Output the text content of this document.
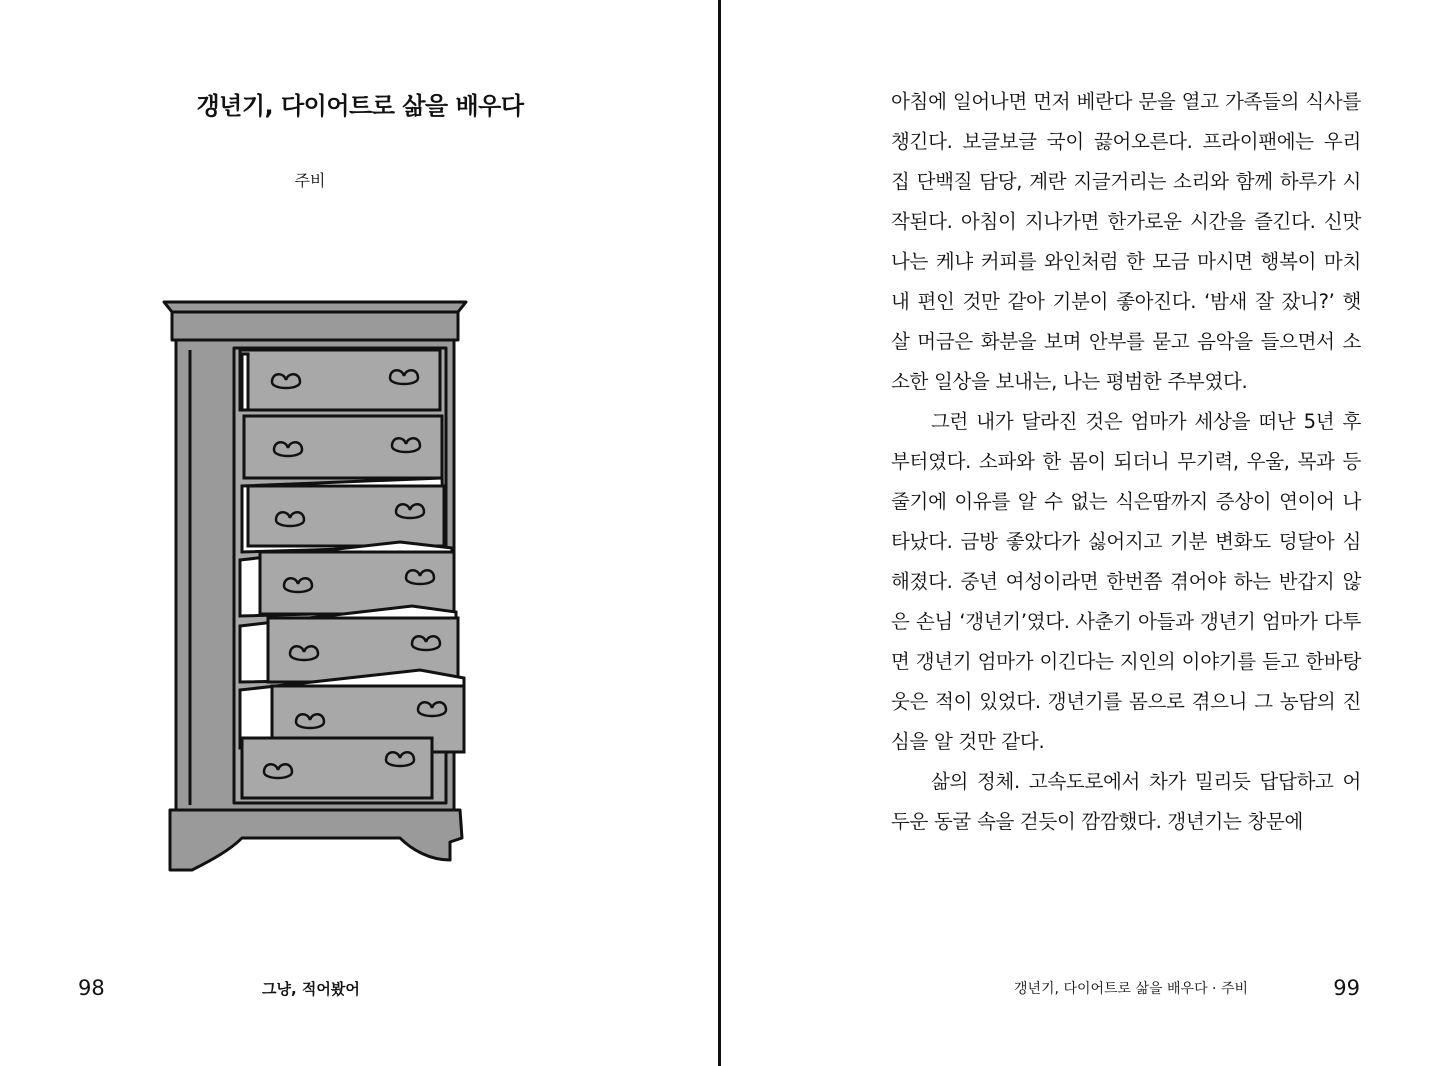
갱년기, 다이어트로 삶을 배우다
주비
98	그냥, 적어봤어

아침에 일어나면 먼저 베란다 문을 열고 가족들의 식사를 챙긴다. 보글보글 국이 끓어오른다. 프라이팬에는 우리 집 단백질 담당, 계란 지글거리는 소리와 함께 하루가 시작된다. 아침이 지나가면 한가로운 시간을 즐긴다. 신맛 나는 케냐 커피를 와인처럼 한 모금 마시면 행복이 마치 내 편인 것만 같아 기분이 좋아진다. ‘밤새 잘 잤니?’ 햇살 머금은 화분을 보며 안부를 묻고 음악을 들으면서 소소한 일상을 보내는, 나는 평범한 주부였다.

그런 내가 달라진 것은 엄마가 세상을 떠난 5년 후부터였다. 소파와 한 몸이 되더니 무기력, 우울, 목과 등줄기에 이유를 알 수 없는 식은땀까지 증상이 연이어 나타났다. 금방 좋았다가 싫어지고 기분 변화도 덩달아 심해졌다. 중년 여성이라면 한번쯤 겪어야 하는 반갑지 않은 손님 ‘갱년기’였다. 사춘기 아들과 갱년기 엄마가 다투면 갱년기 엄마가 이긴다는 지인의 이야기를 듣고 한바탕 웃은 적이 있었다. 갱년기를 몸으로 겪으니 그 농담의 진심을 알 것만 같다.

삶의 정체. 고속도로에서 차가 밀리듯 답답하고 어두운 동굴 속을 걷듯이 깜깜했다. 갱년기는 창문에

갱년기, 다이어트로 삶을 배우다 · 주비	99
